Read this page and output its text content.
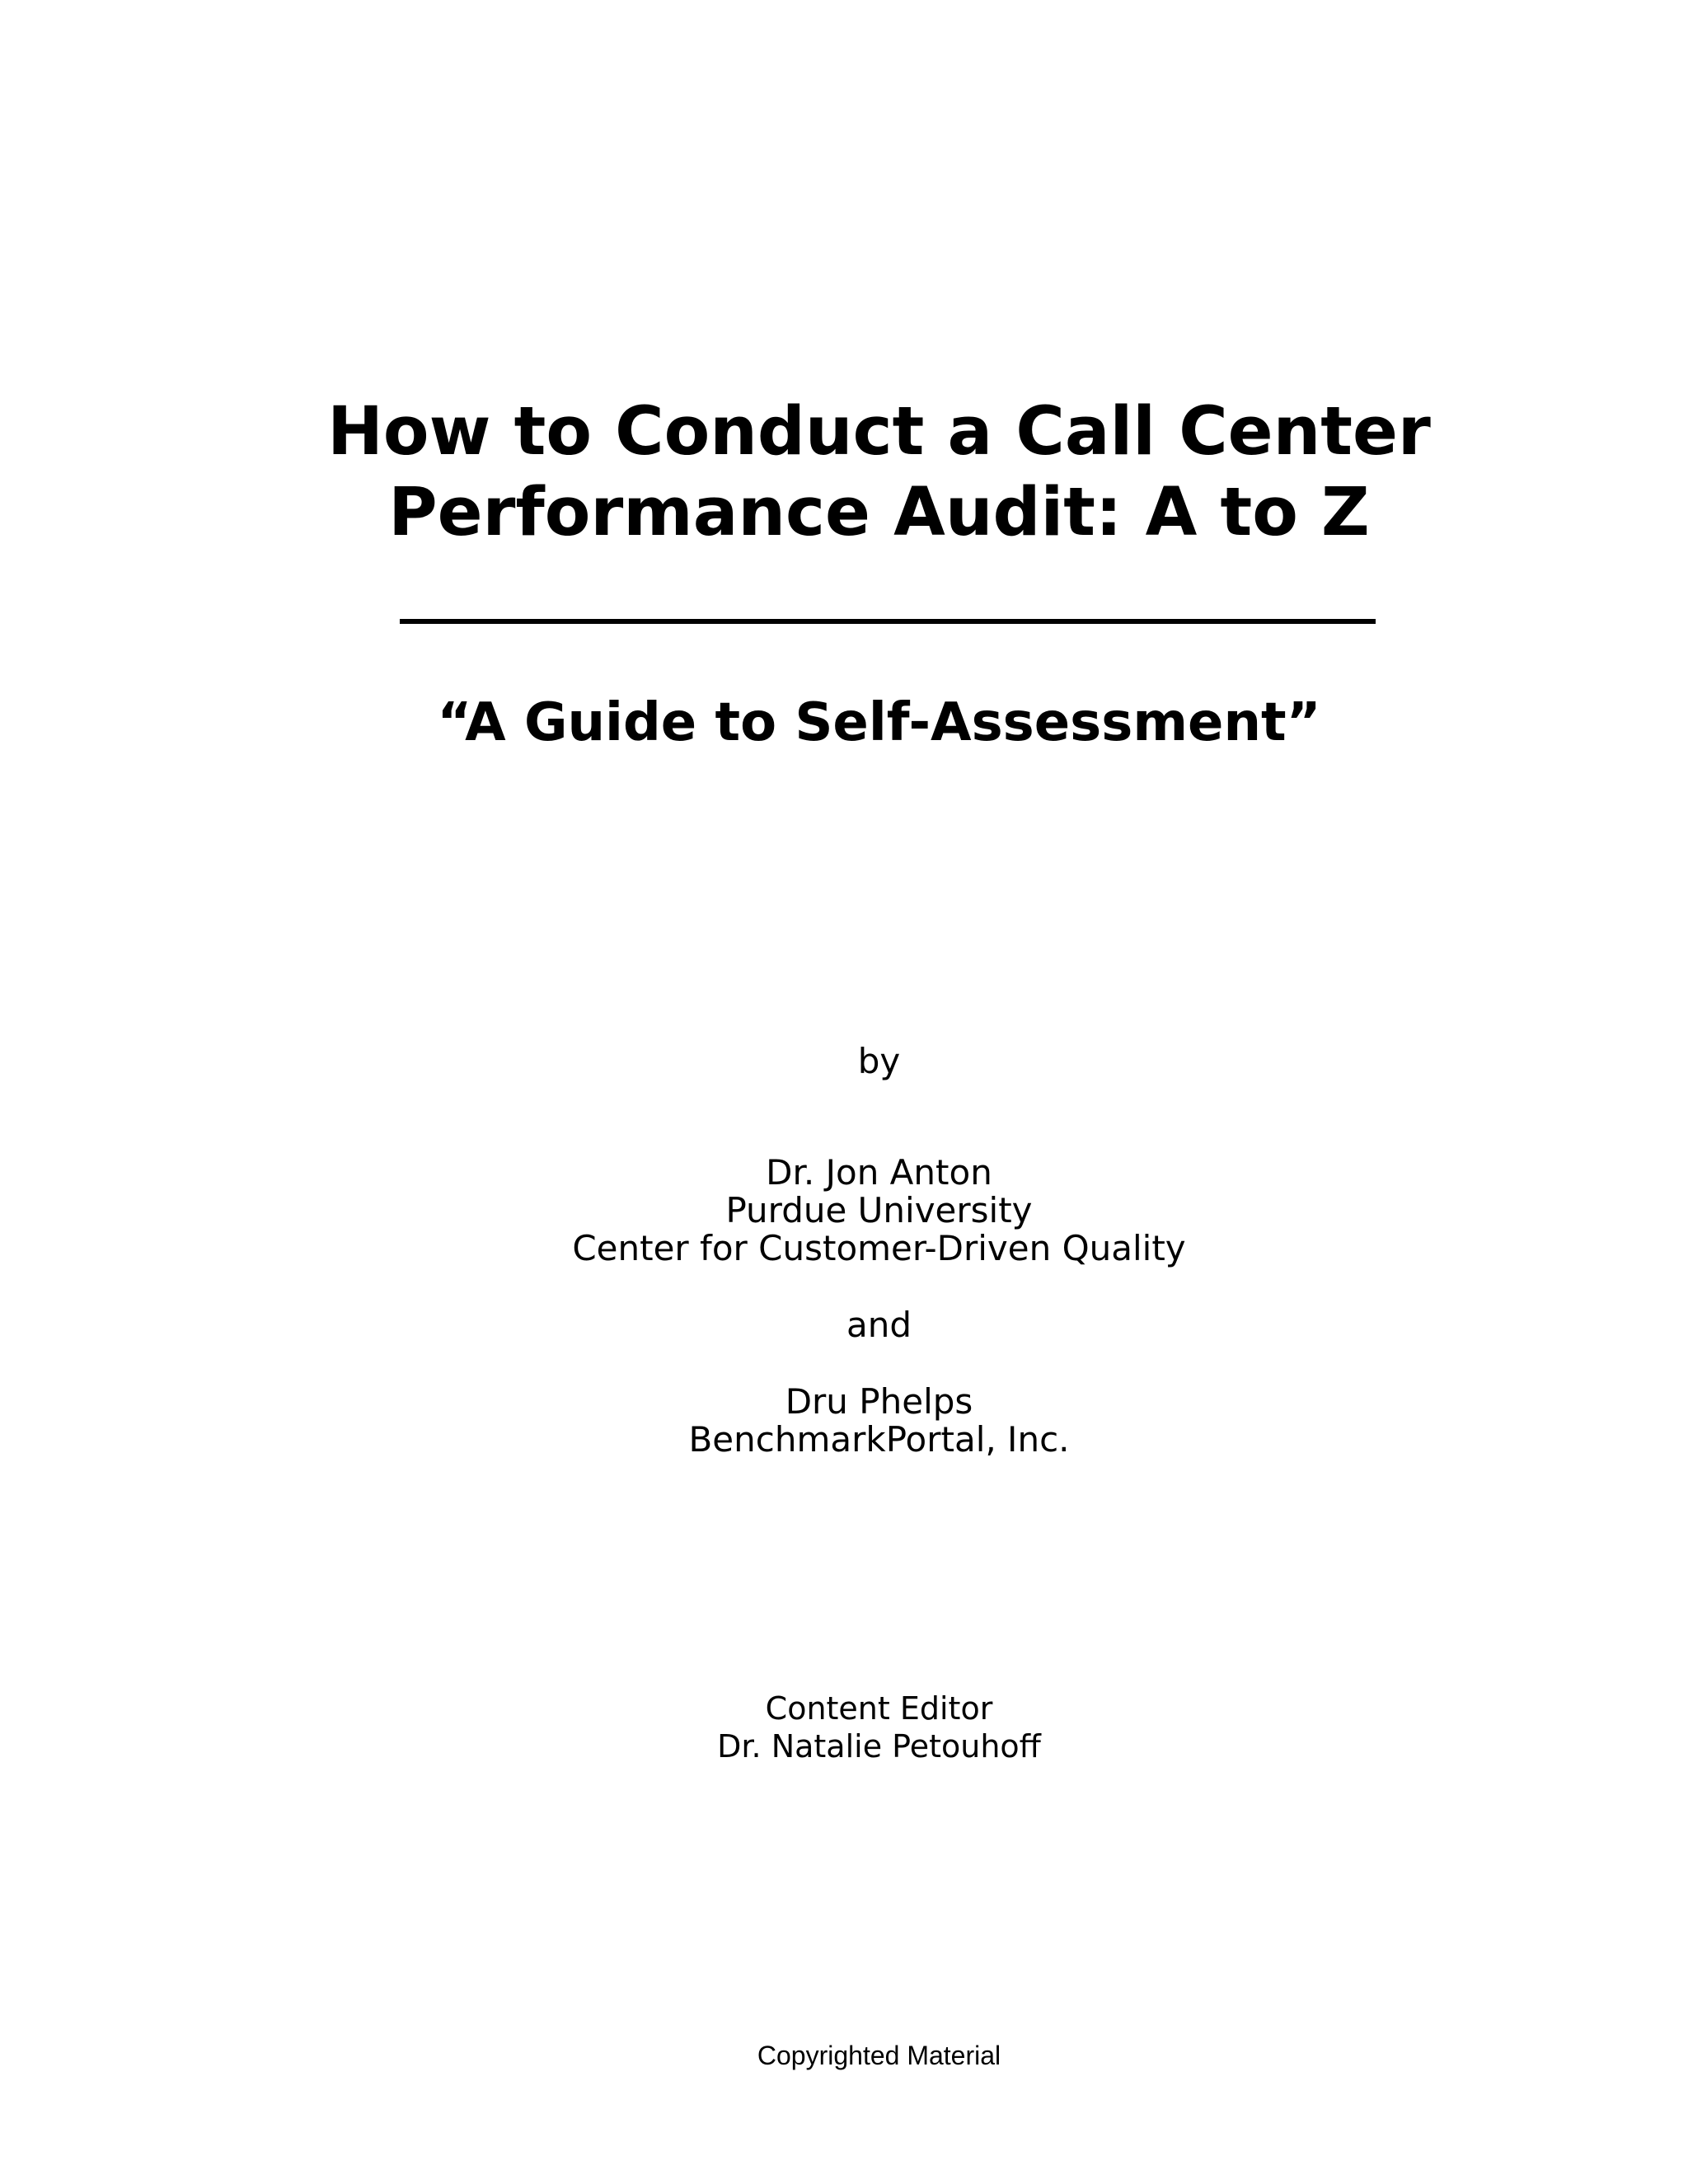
How to Conduct a Call Center
Performance Audit: A to Z
“A Guide to Self-Assessment”
by
Dr. Jon Anton
Purdue University
Center for Customer-Driven Quality
and
Dru Phelps
BenchmarkPortal, Inc.
Content Editor
Dr. Natalie Petouhoff
Copyrighted Material
